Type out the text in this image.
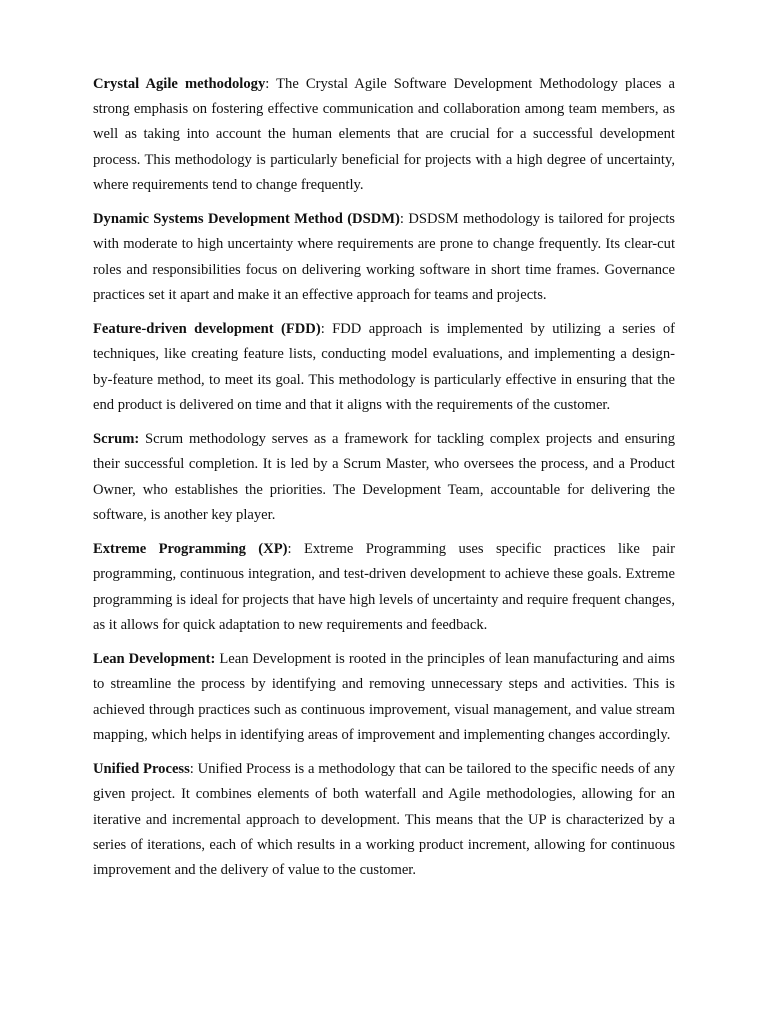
Crystal Agile methodology: The Crystal Agile Software Development Methodology places a strong emphasis on fostering effective communication and collaboration among team members, as well as taking into account the human elements that are crucial for a successful development process. This methodology is particularly beneficial for projects with a high degree of uncertainty, where requirements tend to change frequently.

Dynamic Systems Development Method (DSDM): DSDSM methodology is tailored for projects with moderate to high uncertainty where requirements are prone to change frequently. Its clear-cut roles and responsibilities focus on delivering working software in short time frames. Governance practices set it apart and make it an effective approach for teams and projects.

Feature-driven development (FDD): FDD approach is implemented by utilizing a series of techniques, like creating feature lists, conducting model evaluations, and implementing a design-by-feature method, to meet its goal. This methodology is particularly effective in ensuring that the end product is delivered on time and that it aligns with the requirements of the customer.

Scrum: Scrum methodology serves as a framework for tackling complex projects and ensuring their successful completion. It is led by a Scrum Master, who oversees the process, and a Product Owner, who establishes the priorities. The Development Team, accountable for delivering the software, is another key player.

Extreme Programming (XP): Extreme Programming uses specific practices like pair programming, continuous integration, and test-driven development to achieve these goals. Extreme programming is ideal for projects that have high levels of uncertainty and require frequent changes, as it allows for quick adaptation to new requirements and feedback.

Lean Development: Lean Development is rooted in the principles of lean manufacturing and aims to streamline the process by identifying and removing unnecessary steps and activities. This is achieved through practices such as continuous improvement, visual management, and value stream mapping, which helps in identifying areas of improvement and implementing changes accordingly.

Unified Process: Unified Process is a methodology that can be tailored to the specific needs of any given project. It combines elements of both waterfall and Agile methodologies, allowing for an iterative and incremental approach to development. This means that the UP is characterized by a series of iterations, each of which results in a working product increment, allowing for continuous improvement and the delivery of value to the customer.
